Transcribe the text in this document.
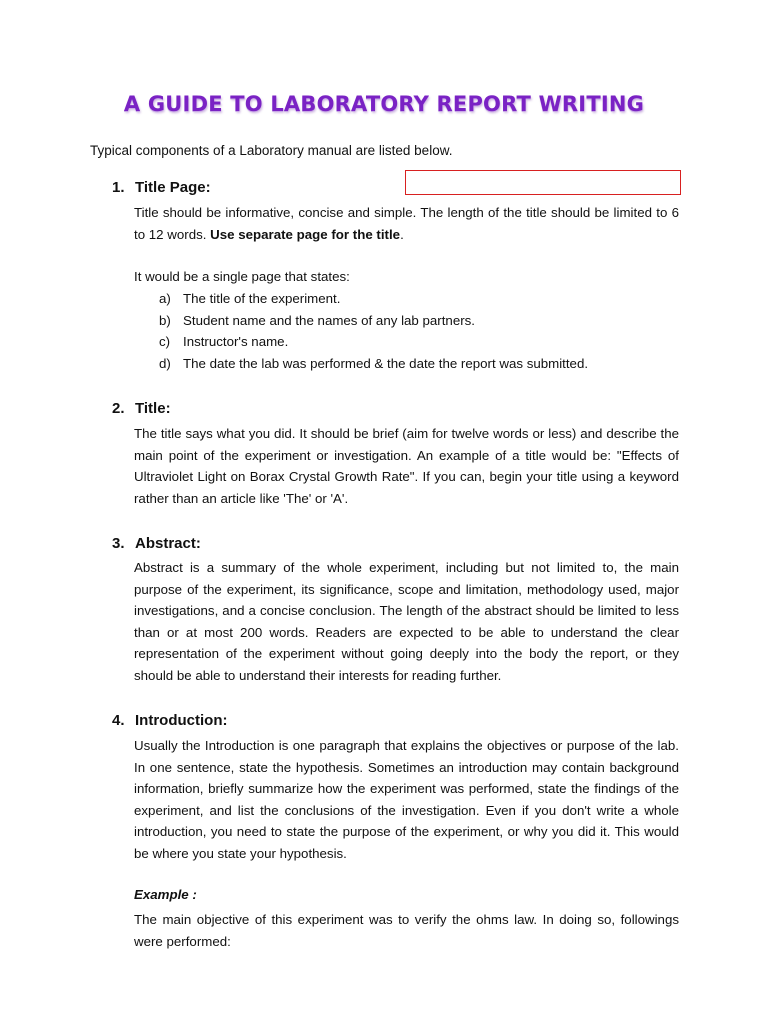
A GUIDE TO LABORATORY REPORT WRITING
Typical components of a Laboratory manual are listed below.
1. Title Page:
Title should be informative, concise and simple. The length of the title should be limited to 6 to 12 words. Use separate page for the title.
It would be a single page that states:
a) The title of the experiment.
b) Student name and the names of any lab partners.
c) Instructor's name.
d) The date the lab was performed & the date the report was submitted.
2. Title:
The title says what you did. It should be brief (aim for twelve words or less) and describe the main point of the experiment or investigation. An example of a title would be: "Effects of Ultraviolet Light on Borax Crystal Growth Rate". If you can, begin your title using a keyword rather than an article like 'The' or 'A'.
3. Abstract:
Abstract is a summary of the whole experiment, including but not limited to, the main purpose of the experiment, its significance, scope and limitation, methodology used, major investigations, and a concise conclusion. The length of the abstract should be limited to less than or at most 200 words. Readers are expected to be able to understand the clear representation of the experiment without going deeply into the body the report, or they should be able to understand their interests for reading further.
4. Introduction:
Usually the Introduction is one paragraph that explains the objectives or purpose of the lab. In one sentence, state the hypothesis. Sometimes an introduction may contain background information, briefly summarize how the experiment was performed, state the findings of the experiment, and list the conclusions of the investigation. Even if you don't write a whole introduction, you need to state the purpose of the experiment, or why you did it. This would be where you state your hypothesis.
Example :
The main objective of this experiment was to verify the ohms law. In doing so, followings were performed:
